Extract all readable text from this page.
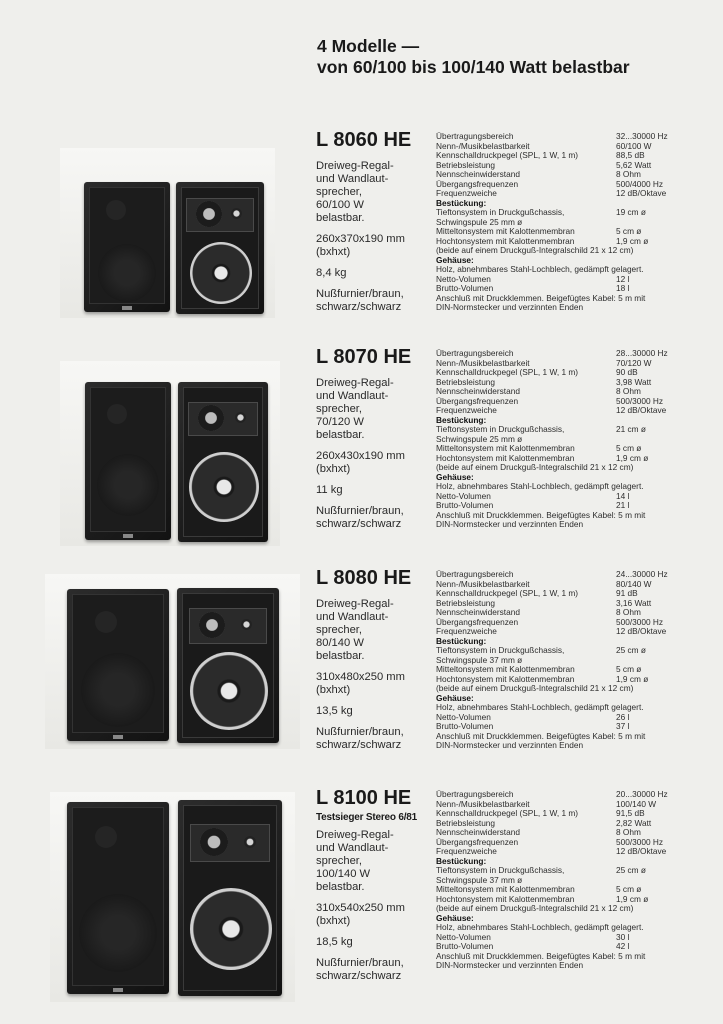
4 Modelle —
von 60/100 bis 100/140 Watt belastbar
L 8060 HE

Dreiweg-Regal-
und Wandlaut-
sprecher,
60/100 W
belastbar.

260x370x190 mm
(bxhxt)

8,4 kg

Nußfurnier/braun,
schwarz/schwarz

Übertragungsbereich	32...30000 Hz
Nenn-/Musikbelastbarkeit	60/100 W
Kennschalldruckpegel (SPL, 1 W, 1 m)	88,5 dB
Betriebsleistung	5,62 Watt
Nennscheinwiderstand	8 Ohm
Übergangsfrequenzen	500/4000 Hz
Frequenzweiche	12 dB/Oktave
Bestückung:
Tieftonsystem in Druckgußchassis,	19 cm ø
Schwingspule 25 mm ø
Mitteltonsystem mit Kalottenmembran	5 cm ø
Hochtonsystem mit Kalottenmembran	1,9 cm ø
(beide auf einem Druckguß-Integralschild 21 x 12 cm)
Gehäuse:
Holz, abnehmbares Stahl-Lochblech, gedämpft gelagert.
Netto-Volumen	12 l
Brutto-Volumen	18 l
Anschluß mit Druckklemmen. Beigefügtes Kabel: 5 m mit
DIN-Normstecker und verzinnten Enden
L 8070 HE

Dreiweg-Regal-
und Wandlaut-
sprecher,
70/120 W
belastbar.

260x430x190 mm
(bxhxt)

11 kg

Nußfurnier/braun,
schwarz/schwarz

Übertragungsbereich	28...30000 Hz
Nenn-/Musikbelastbarkeit	70/120 W
Kennschalldruckpegel (SPL, 1 W, 1 m)	90 dB
Betriebsleistung	3,98 Watt
Nennscheinwiderstand	8 Ohm
Übergangsfrequenzen	500/3000 Hz
Frequenzweiche	12 dB/Oktave
Bestückung:
Tieftonsystem in Druckgußchassis,	21 cm ø
Schwingspule 25 mm ø
Mitteltonsystem mit Kalottenmembran	5 cm ø
Hochtonsystem mit Kalottenmembran	1,9 cm ø
(beide auf einem Druckguß-Integralschild 21 x 12 cm)
Gehäuse:
Holz, abnehmbares Stahl-Lochblech, gedämpft gelagert.
Netto-Volumen	14 l
Brutto-Volumen	21 l
Anschluß mit Druckklemmen. Beigefügtes Kabel: 5 m mit
DIN-Normstecker und verzinnten Enden
L 8080 HE

Dreiweg-Regal-
und Wandlaut-
sprecher,
80/140 W
belastbar.

310x480x250 mm
(bxhxt)

13,5 kg

Nußfurnier/braun,
schwarz/schwarz

Übertragungsbereich	24...30000 Hz
Nenn-/Musikbelastbarkeit	80/140 W
Kennschalldruckpegel (SPL, 1 W, 1 m)	91 dB
Betriebsleistung	3,16 Watt
Nennscheinwiderstand	8 Ohm
Übergangsfrequenzen	500/3000 Hz
Frequenzweiche	12 dB/Oktave
Bestückung:
Tieftonsystem in Druckgußchassis,	25 cm ø
Schwingspule 37 mm ø
Mitteltonsystem mit Kalottenmembran	5 cm ø
Hochtonsystem mit Kalottenmembran	1,9 cm ø
(beide auf einem Druckguß-Integralschild 21 x 12 cm)
Gehäuse:
Holz, abnehmbares Stahl-Lochblech, gedämpft gelagert.
Netto-Volumen	26 l
Brutto-Volumen	37 l
Anschluß mit Druckklemmen. Beigefügtes Kabel: 5 m mit
DIN-Normstecker und verzinnten Enden
L 8100 HE
Testsieger Stereo 6/81

Dreiweg-Regal-
und Wandlaut-
sprecher,
100/140 W
belastbar.

310x540x250 mm
(bxhxt)

18,5 kg

Nußfurnier/braun,
schwarz/schwarz

Übertragungsbereich	20...30000 Hz
Nenn-/Musikbelastbarkeit	100/140 W
Kennschalldruckpegel (SPL, 1 W, 1 m)	91,5 dB
Betriebsleistung	2,82 Watt
Nennscheinwiderstand	8 Ohm
Übergangsfrequenzen	500/3000 Hz
Frequenzweiche	12 dB/Oktave
Bestückung:
Tieftonsystem in Druckgußchassis,	25 cm ø
Schwingspule 37 mm ø
Mitteltonsystem mit Kalottenmembran	5 cm ø
Hochtonsystem mit Kalottenmembran	1,9 cm ø
(beide auf einem Druckguß-Integralschild 21 x 12 cm)
Gehäuse:
Holz, abnehmbares Stahl-Lochblech, gedämpft gelagert.
Netto-Volumen	30 l
Brutto-Volumen	42 l
Anschluß mit Druckklemmen. Beigefügtes Kabel: 5 m mit
DIN-Normstecker und verzinnten Enden
